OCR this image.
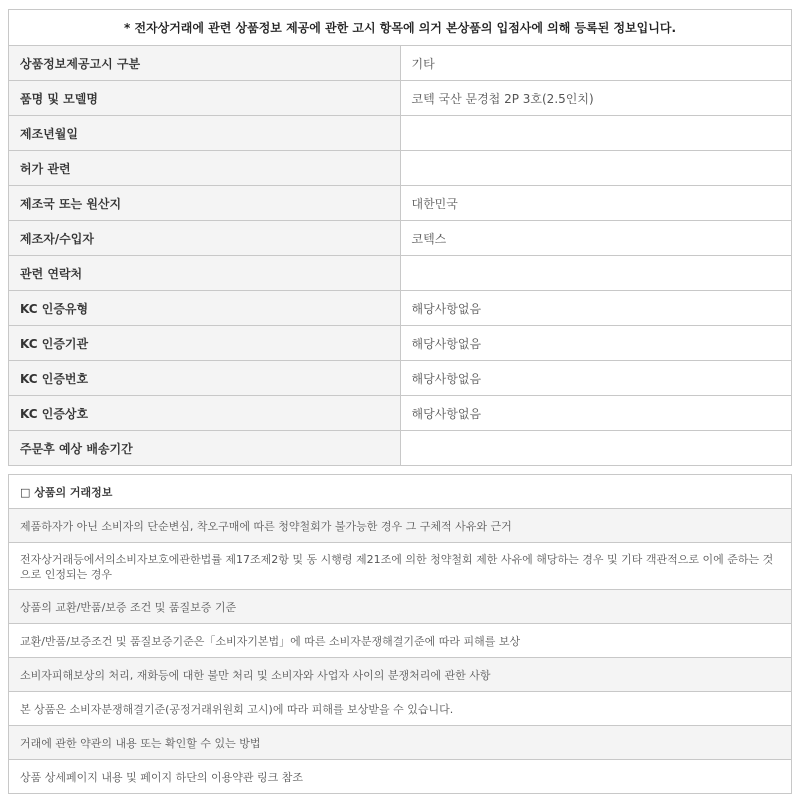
* 전자상거래에 관련 상품정보 제공에 관한 고시 항목에 의거 본상품의 입점사에 의해 등록된 정보입니다.	
상품정보제공고시 구분	기타
품명 및 모델명	코텍 국산 문경첩 2P 3호(2.5인치)
제조년월일	
허가 관련	
제조국 또는 원산지	대한민국
제조자/수입자	코텍스
관련 연락처	
KC 인증유형	해당사항없음
KC 인증기관	해당사항없음
KC 인증번호	해당사항없음
KC 인증상호	해당사항없음
주문후 예상 배송기간	
□ 상품의 거래정보
제품하자가 아닌 소비자의 단순변심, 착오구매에 따른 청약철회가 불가능한 경우 그 구체적 사유와 근거
전자상거래등에서의소비자보호에관한법률 제17조제2항 및 동 시행령 제21조에 의한 청약철회 제한 사유에 해당하는 경우 및 기타 객관적으로 이에 준하는 것으로 인정되는 경우
상품의 교환/반품/보증 조건 및 품질보증 기준
교환/반품/보증조건 및 품질보증기준은「소비자기본법」에 따른 소비자분쟁해결기준에 따라 피해를 보상
소비자피해보상의 처리, 재화등에 대한 불만 처리 및 소비자와 사업자 사이의 분쟁처리에 관한 사항
본 상품은 소비자분쟁해결기준(공정거래위원회 고시)에 따라 피해를 보상받을 수 있습니다.
거래에 관한 약관의 내용 또는 확인할 수 있는 방법
상품 상세페이지 내용 및 페이지 하단의 이용약관 링크 참조
